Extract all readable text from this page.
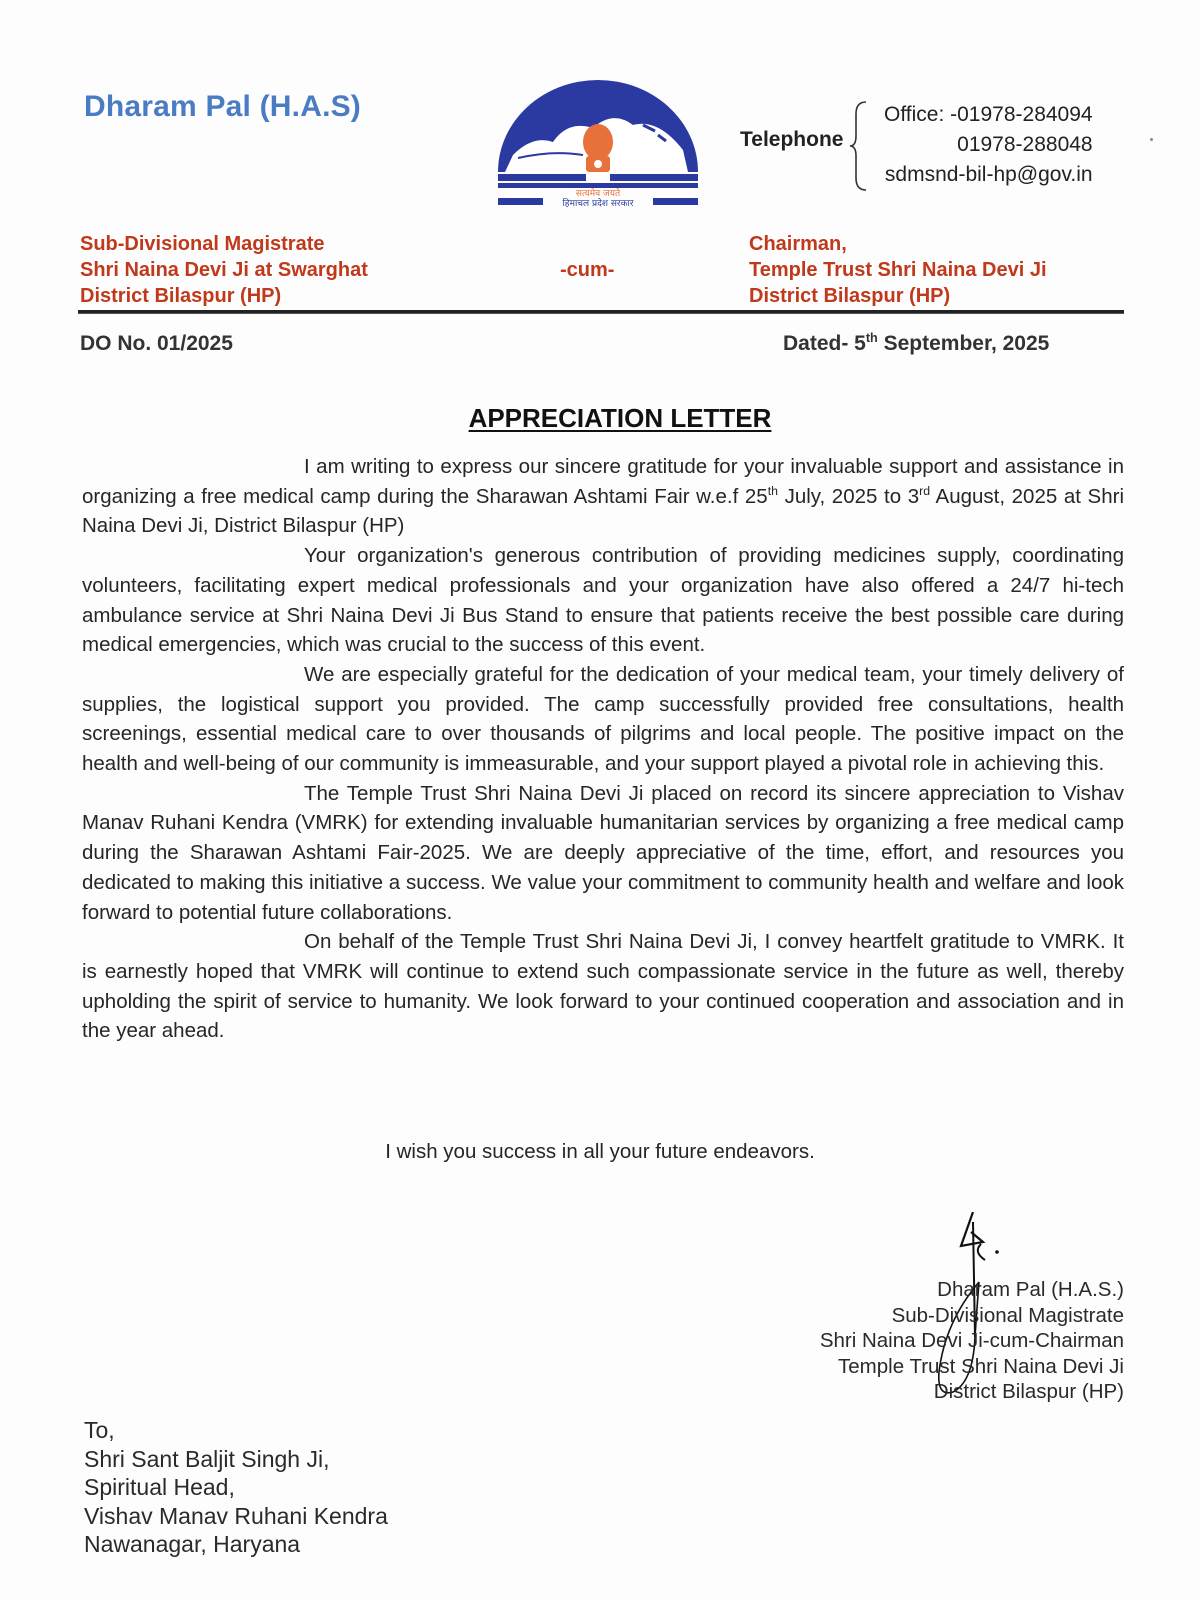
Dharam Pal (H.A.S)
सत्यमेव जयते
हिमाचल प्रदेश सरकार
Telephone
Office: -01978-284094
01978-288048
sdmsnd-bil-hp@gov.in
Sub-Divisional Magistrate
Shri Naina Devi Ji at Swarghat
District Bilaspur (HP)
-cum-
Chairman,
Temple Trust Shri Naina Devi Ji
District Bilaspur (HP)
DO No. 01/2025	Dated- 5th September, 2025
APPRECIATION LETTER

I am writing to express our sincere gratitude for your invaluable support and assistance in organizing a free medical camp during the Sharawan Ashtami Fair w.e.f 25th July, 2025 to 3rd August, 2025 at Shri Naina Devi Ji, District Bilaspur (HP)

Your organization's generous contribution of providing medicines supply, coordinating volunteers, facilitating expert medical professionals and your organization have also offered a 24/7 hi-tech ambulance service at Shri Naina Devi Ji Bus Stand to ensure that patients receive the best possible care during medical emergencies, which was crucial to the success of this event.

We are especially grateful for the dedication of your medical team, your timely delivery of supplies, the logistical support you provided. The camp successfully provided free consultations, health screenings, essential medical care to over thousands of pilgrims and local people. The positive impact on the health and well-being of our community is immeasurable, and your support played a pivotal role in achieving this.

The Temple Trust Shri Naina Devi Ji placed on record its sincere appreciation to Vishav Manav Ruhani Kendra (VMRK) for extending invaluable humanitarian services by organizing a free medical camp during the Sharawan Ashtami Fair-2025. We are deeply appreciative of the time, effort, and resources you dedicated to making this initiative a success. We value your commitment to community health and welfare and look forward to potential future collaborations.

On behalf of the Temple Trust Shri Naina Devi Ji, I convey heartfelt gratitude to VMRK. It is earnestly hoped that VMRK will continue to extend such compassionate service in the future as well, thereby upholding the spirit of service to humanity. We look forward to your continued cooperation and association and in the year ahead.

I wish you success in all your future endeavors.
Dharam Pal (H.A.S.)
Sub-Divisional Magistrate
Shri Naina Devi Ji-cum-Chairman
Temple Trust Shri Naina Devi Ji
District Bilaspur (HP)
To,
Shri Sant Baljit Singh Ji,
Spiritual Head,
Vishav Manav Ruhani Kendra
Nawanagar, Haryana
